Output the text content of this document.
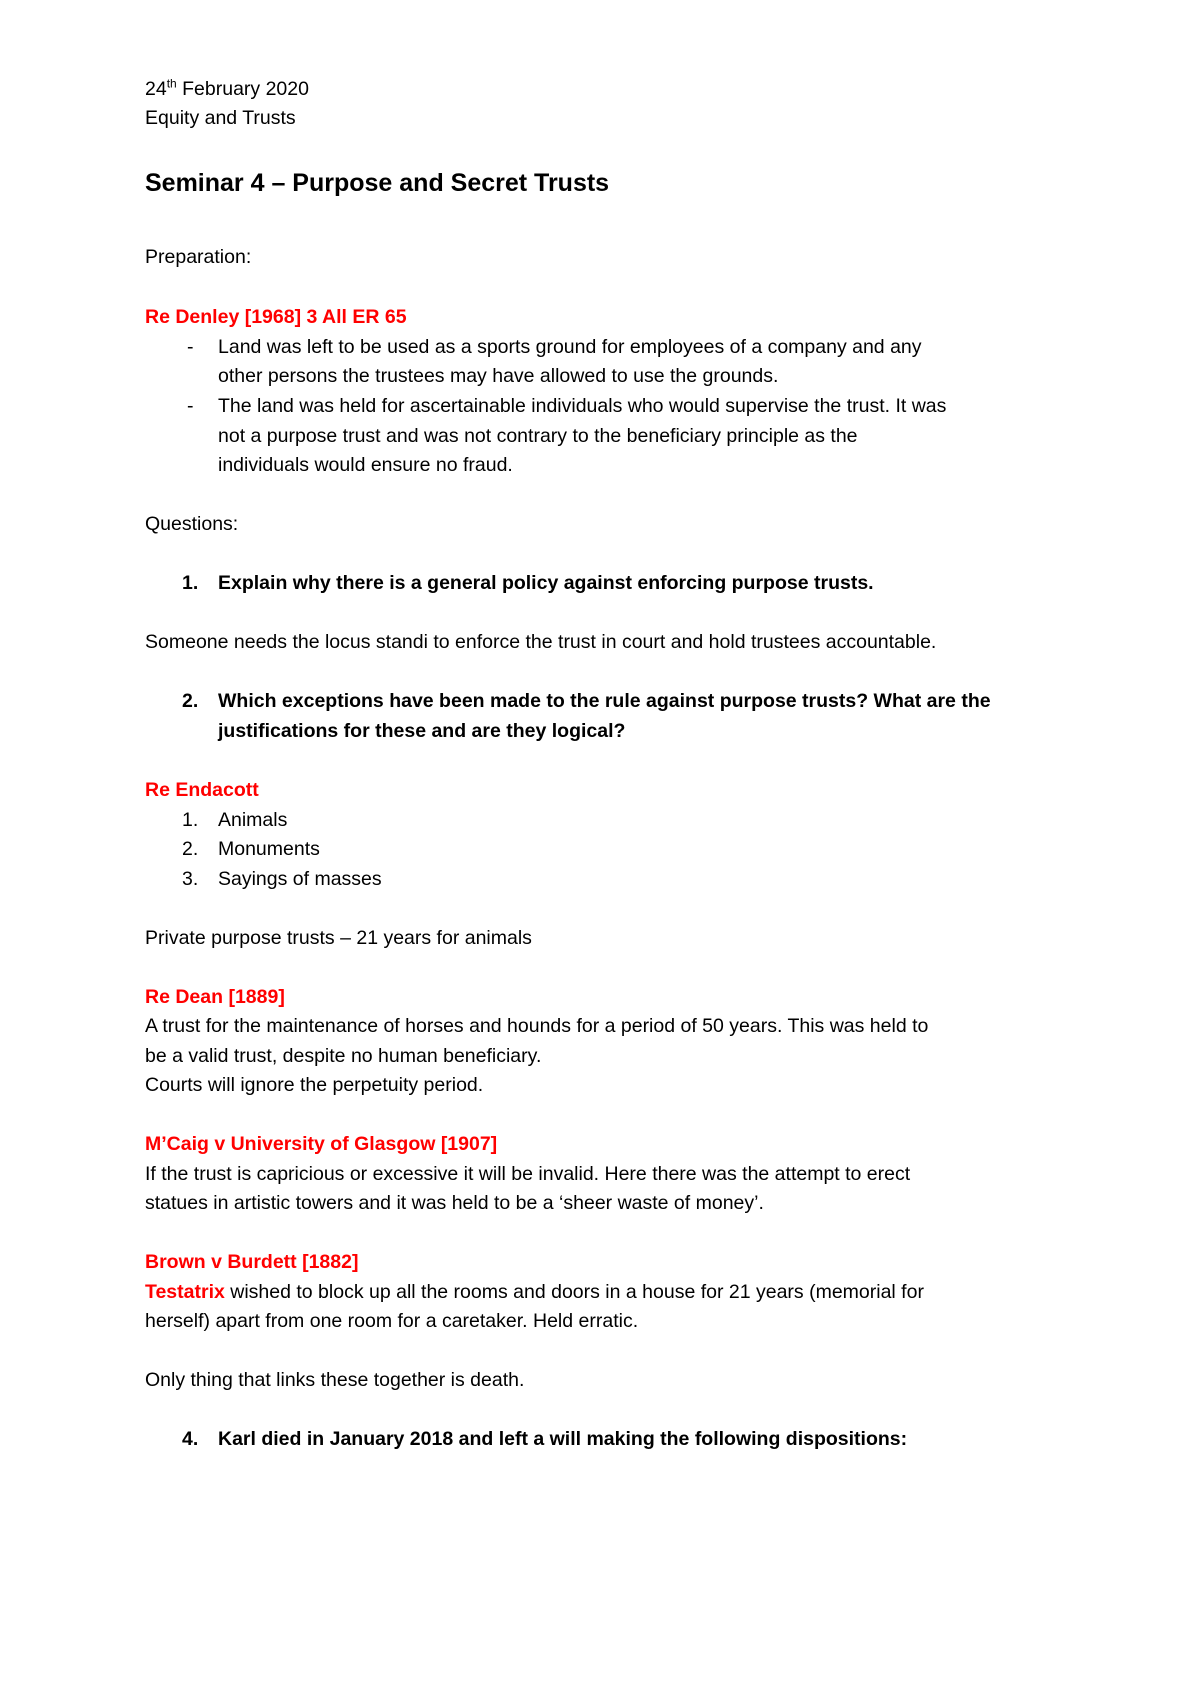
24th February 2020
Equity and Trusts
Seminar 4 – Purpose and Secret Trusts
Preparation:
Re Denley [1968] 3 All ER 65
- Land was left to be used as a sports ground for employees of a company and any
other persons the trustees may have allowed to use the grounds.
- The land was held for ascertainable individuals who would supervise the trust. It was
not a purpose trust and was not contrary to the beneficiary principle as the
individuals would ensure no fraud.
Questions:
1. Explain why there is a general policy against enforcing purpose trusts.
Someone needs the locus standi to enforce the trust in court and hold trustees accountable.
2. Which exceptions have been made to the rule against purpose trusts? What are the
justifications for these and are they logical?
Re Endacott
1. Animals
2. Monuments
3. Sayings of masses
Private purpose trusts – 21 years for animals
Re Dean [1889]
A trust for the maintenance of horses and hounds for a period of 50 years. This was held to
be a valid trust, despite no human beneficiary.
Courts will ignore the perpetuity period.
M’Caig v University of Glasgow [1907]
If the trust is capricious or excessive it will be invalid. Here there was the attempt to erect
statues in artistic towers and it was held to be a ‘sheer waste of money’.
Brown v Burdett [1882]
Testatrix wished to block up all the rooms and doors in a house for 21 years (memorial for
herself) apart from one room for a caretaker. Held erratic.
Only thing that links these together is death.
4. Karl died in January 2018 and left a will making the following dispositions:
